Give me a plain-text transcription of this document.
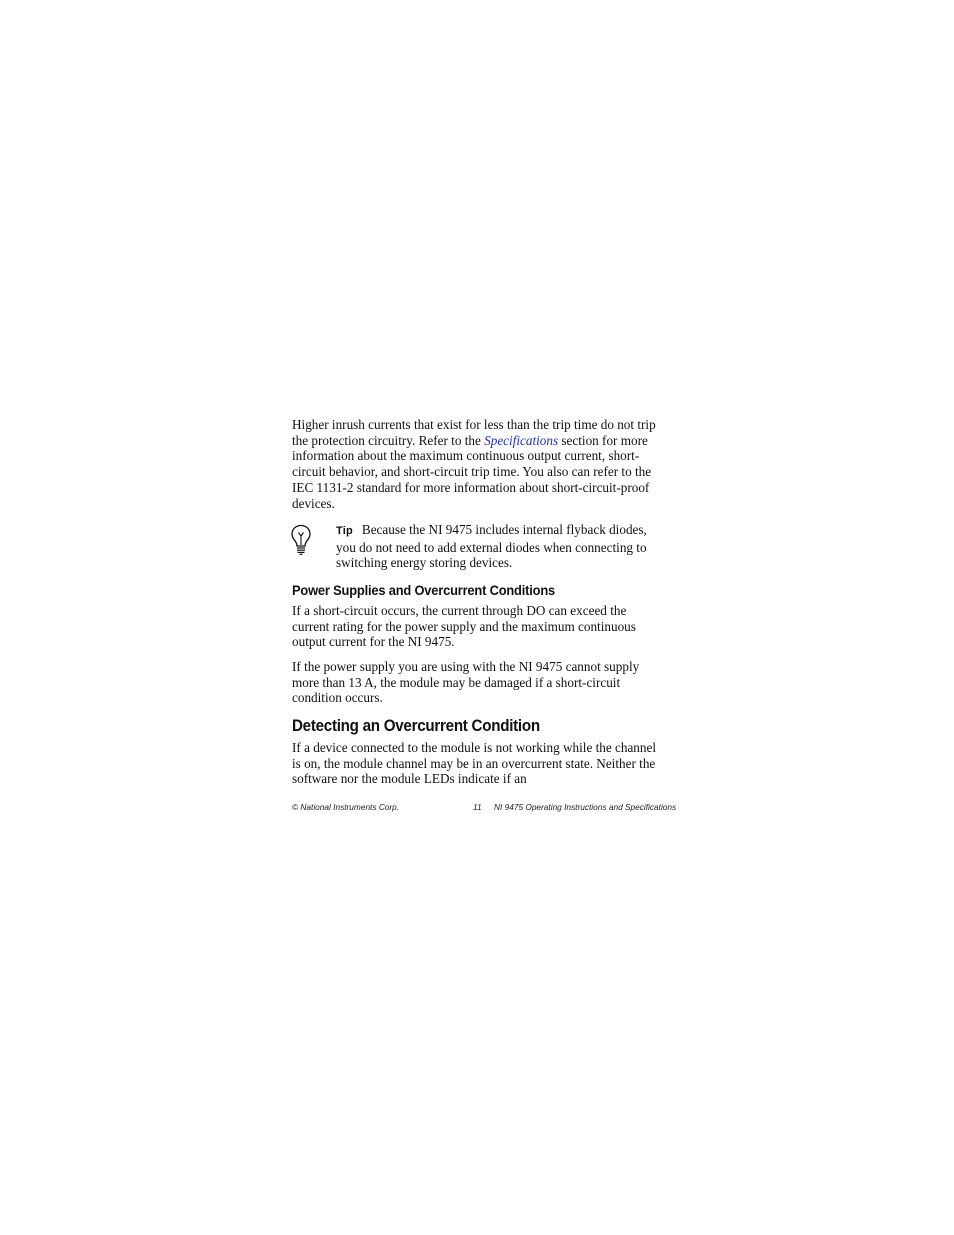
Higher inrush currents that exist for less than the trip time do not trip the protection circuitry. Refer to the Specifications section for more information about the maximum continuous output current, short-circuit behavior, and short-circuit trip time. You also can refer to the IEC 1131-2 standard for more information about short-circuit-proof devices.

Tip Because the NI 9475 includes internal flyback diodes, you do not need to add external diodes when connecting to switching energy storing devices.

Power Supplies and Overcurrent Conditions

If a short-circuit occurs, the current through DO can exceed the current rating for the power supply and the maximum continuous output current for the NI 9475.

If the power supply you are using with the NI 9475 cannot supply more than 13 A, the module may be damaged if a short-circuit condition occurs.

Detecting an Overcurrent Condition

If a device connected to the module is not working while the channel is on, the module channel may be in an overcurrent state. Neither the software nor the module LEDs indicate if an

© National Instruments Corp.	11 NI 9475 Operating Instructions and Specifications
